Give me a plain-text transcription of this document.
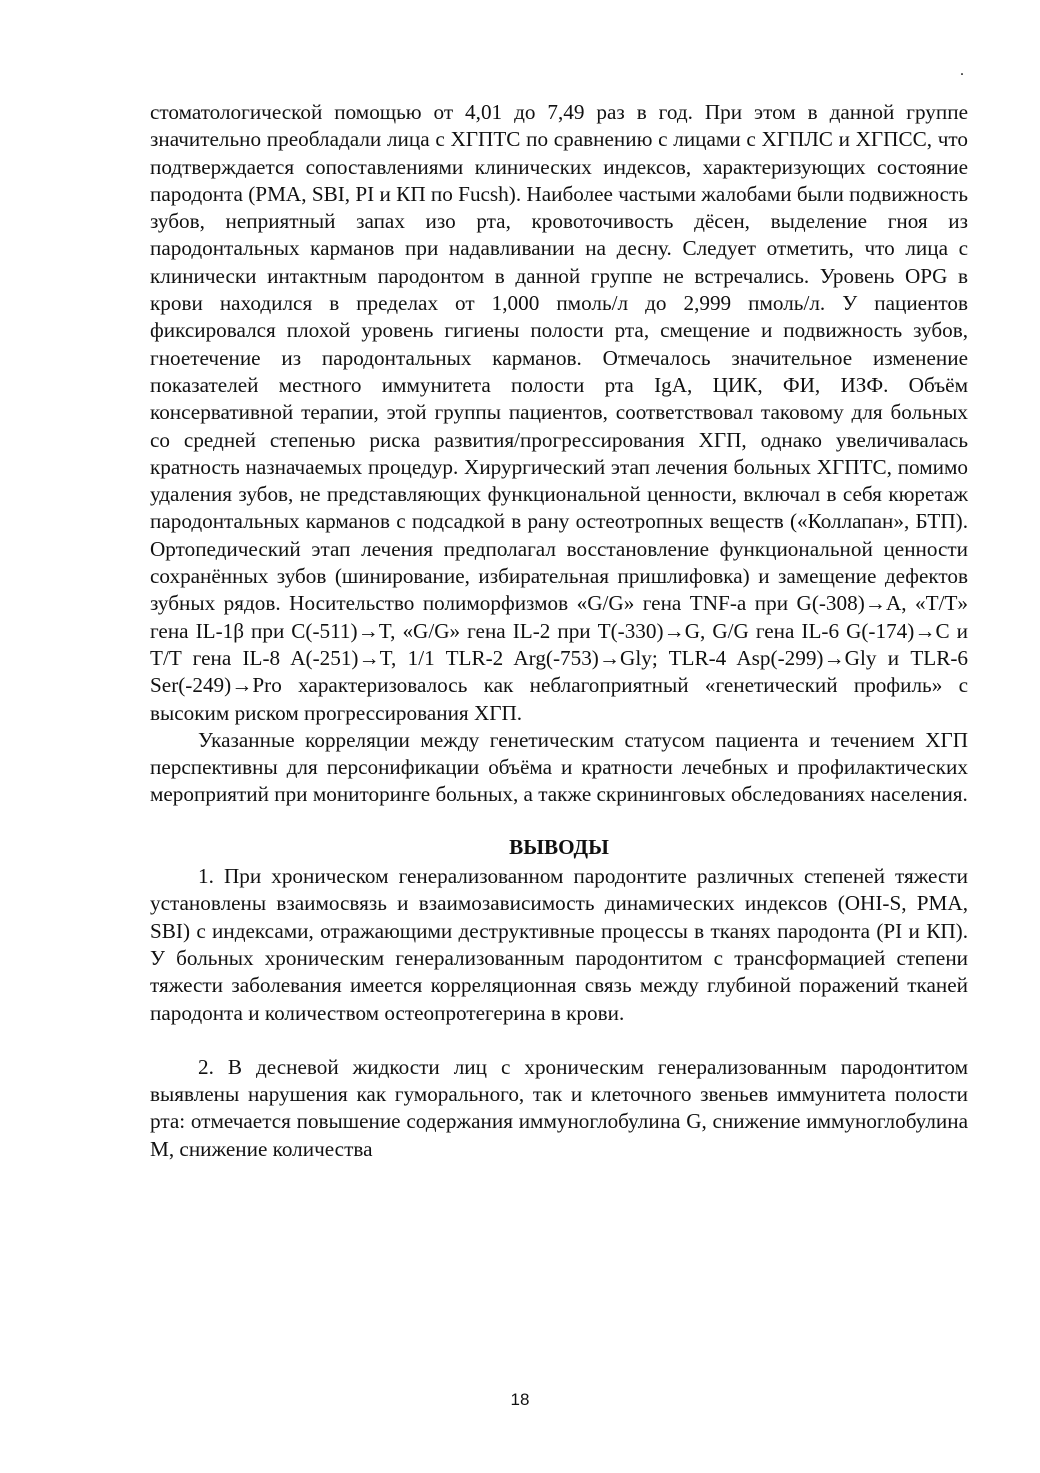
.

стоматологической помощью от 4,01 до 7,49 раз в год. При этом в данной группе значительно преобладали лица с ХГПТС по сравнению с лицами с ХГПЛС и ХГПСС, что подтверждается сопоставлениями клинических индексов, характеризующих состояние пародонта (PMA, SBI, PI и КП по Fucsh). Наиболее частыми жалобами были подвижность зубов, неприятный запах изо рта, кровоточивость дёсен, выделение гноя из пародонтальных карманов при надавливании на десну. Следует отметить, что лица с клинически интактным пародонтом в данной группе не встречались. Уровень OPG в крови находился в пределах от 1,000 пмоль/л до 2,999 пмоль/л. У пациентов фиксировался плохой уровень гигиены полости рта, смещение и подвижность зубов, гноетечение из пародонтальных карманов. Отмечалось значительное изменение показателей местного иммунитета полости рта IgA, ЦИК, ФИ, ИЗФ. Объём консервативной терапии, этой группы пациентов, соответствовал таковому для больных со средней степенью риска развития/прогрессирования ХГП, однако увеличивалась кратность назначаемых процедур. Хирургический этап лечения больных ХГПТС, помимо удаления зубов, не представляющих функциональной ценности, включал в себя кюретаж пародонтальных карманов с подсадкой в рану остеотропных веществ («Коллапан», БТП). Ортопедический этап лечения предполагал восстановление функциональной ценности сохранённых зубов (шинирование, избирательная пришлифовка) и замещение дефектов зубных рядов. Носительство полиморфизмов «G/G» гена TNF-a при G(-308)→A, «T/T» гена IL-1β при C(-511)→T, «G/G» гена IL-2 при T(-330)→G, G/G гена IL-6 G(-174)→C и T/T гена IL-8 A(-251)→T, 1/1 TLR-2 Arg(-753)→Gly; TLR-4 Asp(-299)→Gly и TLR-6 Ser(-249)→Pro характеризовалось как неблагоприятный «генетический профиль» с высоким риском прогрессирования ХГП.

Указанные корреляции между генетическим статусом пациента и течением ХГП перспективны для персонификации объёма и кратности лечебных и профилактических мероприятий при мониторинге больных, а также скрининговых обследованиях населения.

ВЫВОДЫ

1. При хроническом генерализованном пародонтите различных степеней тяжести установлены взаимосвязь и взаимозависимость динамических индексов (OHI-S, PMA, SBI) с индексами, отражающими деструктивные процессы в тканях пародонта (PI и КП). У больных хроническим генерализованным пародонтитом с трансформацией степени тяжести заболевания имеется корреляционная связь между глубиной поражений тканей пародонта и количеством остеопротегерина в крови.

2. В десневой жидкости лиц с хроническим генерализованным пародонтитом выявлены нарушения как гуморального, так и клеточного звеньев иммунитета полости рта: отмечается повышение содержания иммуноглобулина G, снижение иммуноглобулина M, снижение количества

18
